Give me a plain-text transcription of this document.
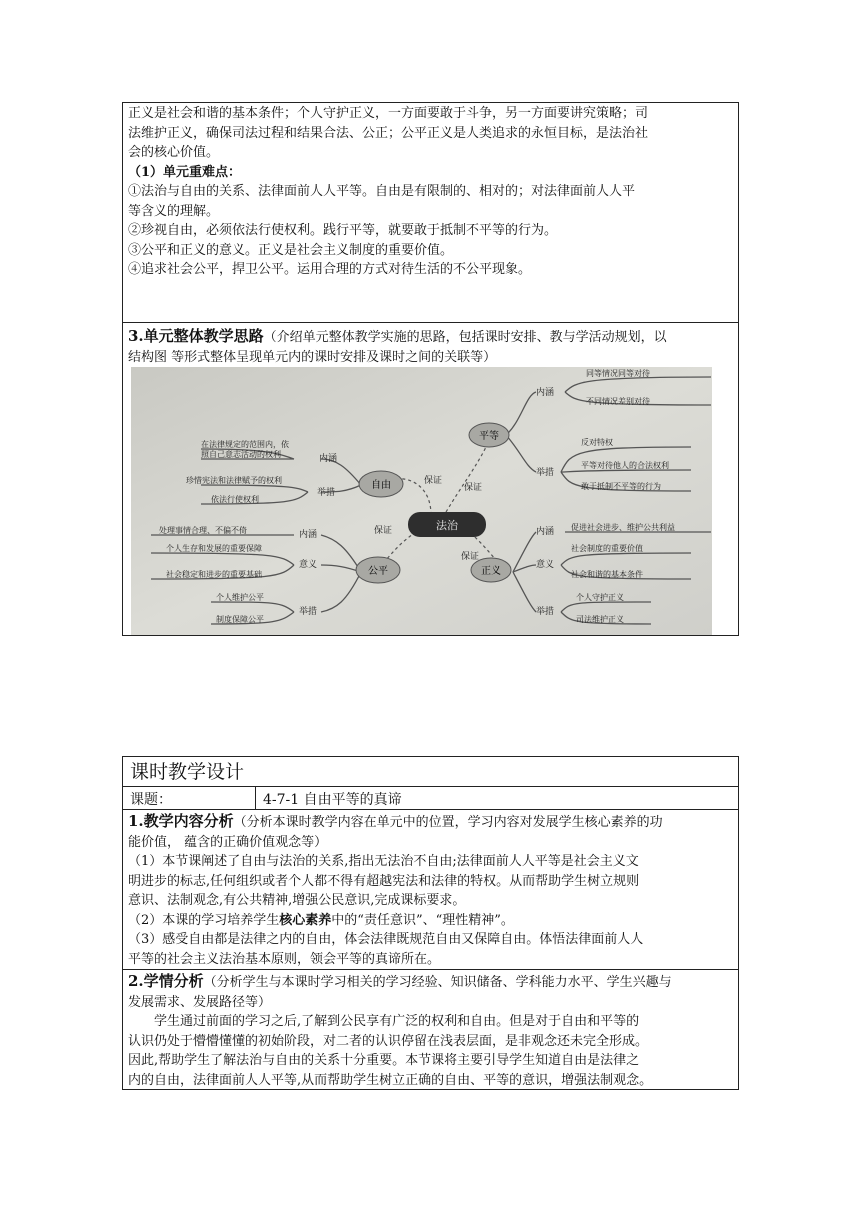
正义是社会和谐的基本条件；个人守护正义，一方面要敢于斗争，另一方面要讲究策略；司

法维护正义，确保司法过程和结果合法、公正；公平正义是人类追求的永恒目标，是法治社

会的核心价值。

（1）单元重难点：

①法治与自由的关系、法律面前人人平等。自由是有限制的、相对的；对法律面前人人平

等含义的理解。

②珍视自由，必须依法行使权利。践行平等，就要敢于抵制不平等的行为。

③公平和正义的意义。正义是社会主义制度的重要价值。

④追求社会公平，捍卫公平。运用合理的方式对待生活的不公平现象。

3.单元整体教学思路（介绍单元整体教学实施的思路，包括课时安排、教与学活动规划，以

结构图 等形式整体呈现单元内的课时安排及课时之间的关联等）

法治
自由
平等
公平	正义
保证
保证
保证
保证
内涵
举措
内涵
举措
内涵
意义
举措
内涵
意义
举措
在法律规定的范围内，依
照自己意志活动的权利
珍惜宪法和法律赋予的权利
依法行使权利
同等情况同等对待
不同情况差别对待
反对特权
平等对待他人的合法权利
敢于抵制不平等的行为
处理事情合理、不偏不倚
个人生存和发展的重要保障
社会稳定和进步的重要基础
个人维护公平
制度保障公平
促进社会进步、维护公共利益
社会制度的重要价值
社会和谐的基本条件
个人守护正义
司法维护正义
课时教学设计
课题：	4-7-1 自由平等的真谛

1.教学内容分析（分析本课时教学内容在单元中的位置，学习内容对发展学生核心素养的功

能价值， 蕴含的正确价值观念等）

（1）本节课阐述了自由与法治的关系,指出无法治不自由;法律面前人人平等是社会主义文

明进步的标志,任何组织或者个人都不得有超越宪法和法律的特权。从而帮助学生树立规则

意识、法制观念,有公共精神,增强公民意识,完成课标要求。

（2）本课的学习培养学生核心素养中的“责任意识”、“理性精神”。

（3）感受自由都是法律之内的自由，体会法律既规范自由又保障自由。体悟法律面前人人

平等的社会主义法治基本原则，领会平等的真谛所在。

2.学情分析（分析学生与本课时学习相关的学习经验、知识储备、学科能力水平、学生兴趣与

发展需求、发展路径等）

学生通过前面的学习之后,了解到公民享有广泛的权利和自由。但是对于自由和平等的

认识仍处于懵懵懂懂的初始阶段，对二者的认识停留在浅表层面，是非观念还未完全形成。

因此,帮助学生了解法治与自由的关系十分重要。本节课将主要引导学生知道自由是法律之

内的自由，法律面前人人平等,从而帮助学生树立正确的自由、平等的意识，增强法制观念。
